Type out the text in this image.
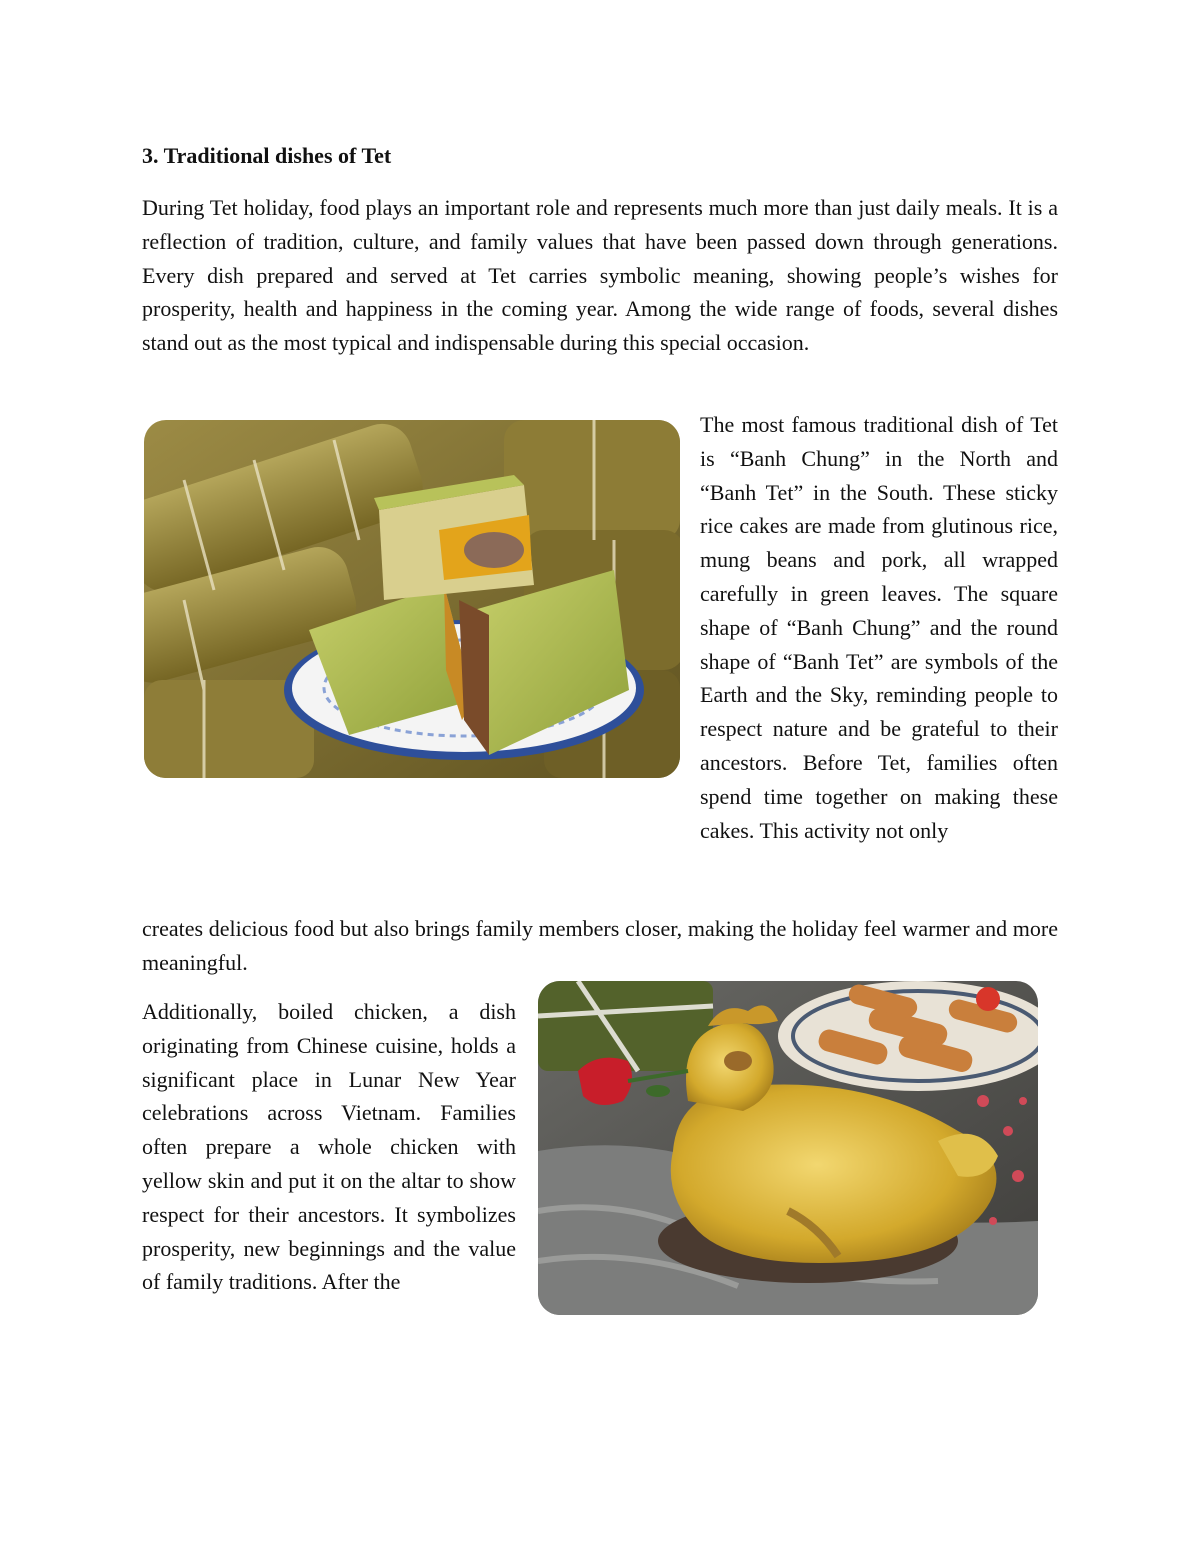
3. Traditional dishes of Tet

During Tet holiday, food plays an important role and represents much more than just daily meals. It is a reflection of tradition, culture, and family values that have been passed down through generations. Every dish prepared and served at Tet carries symbolic meaning, showing people’s wishes for prosperity, health and happiness in the coming year. Among the wide range of foods, several dishes stand out as the most typical and indispensable during this special occasion.

The most famous traditional dish of Tet is “Banh Chung” in the North and “Banh Tet” in the South. These sticky rice cakes are made from glutinous rice, mung beans and pork, all wrapped carefully in green leaves. The square shape of “Banh Chung” and the round shape of “Banh Tet” are symbols of the Earth and the Sky, reminding people to respect nature and be grateful to their ancestors. Before Tet, families often spend time together on making these cakes. This activity not only

creates delicious food but also brings family members closer, making the holiday feel warmer and more meaningful.

Additionally, boiled chicken, a dish originating from Chinese cuisine, holds a significant place in Lunar New Year celebrations across Vietnam. Families often prepare a whole chicken with yellow skin and put it on the altar to show respect for their ancestors. It symbolizes prosperity, new beginnings and the value of family traditions. After the
